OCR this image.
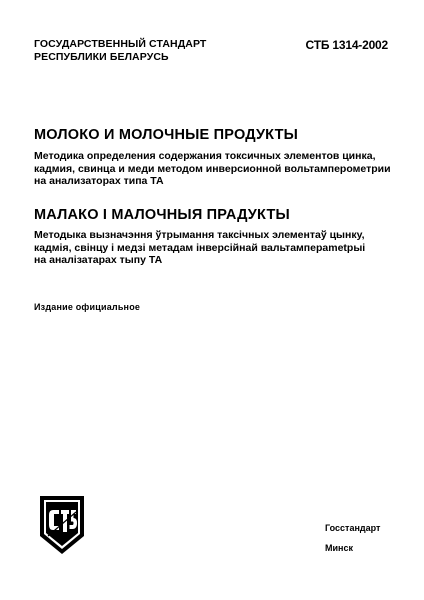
ГОСУДАРСТВЕННЫЙ СТАНДАРТ
РЕСПУБЛИКИ БЕЛАРУСЬ
СТБ 1314-2002
МОЛОКО И МОЛОЧНЫЕ ПРОДУКТЫ
Методика определения содержания токсичных элементов цинка,
кадмия, свинца и меди методом инверсионной вольтамперометрии
на анализаторах типа ТА
МАЛАКО І МАЛОЧНЫЯ ПРАДУКТЫ
Методыка вызначэння ўтрымання таксічных элементаў цынку,
кадмія, свінцу і медзі метадам інверсійнай вальтамперametрыі
на аналізатарах тыпу ТА
Издание официальное
Госстандарт
Минск
